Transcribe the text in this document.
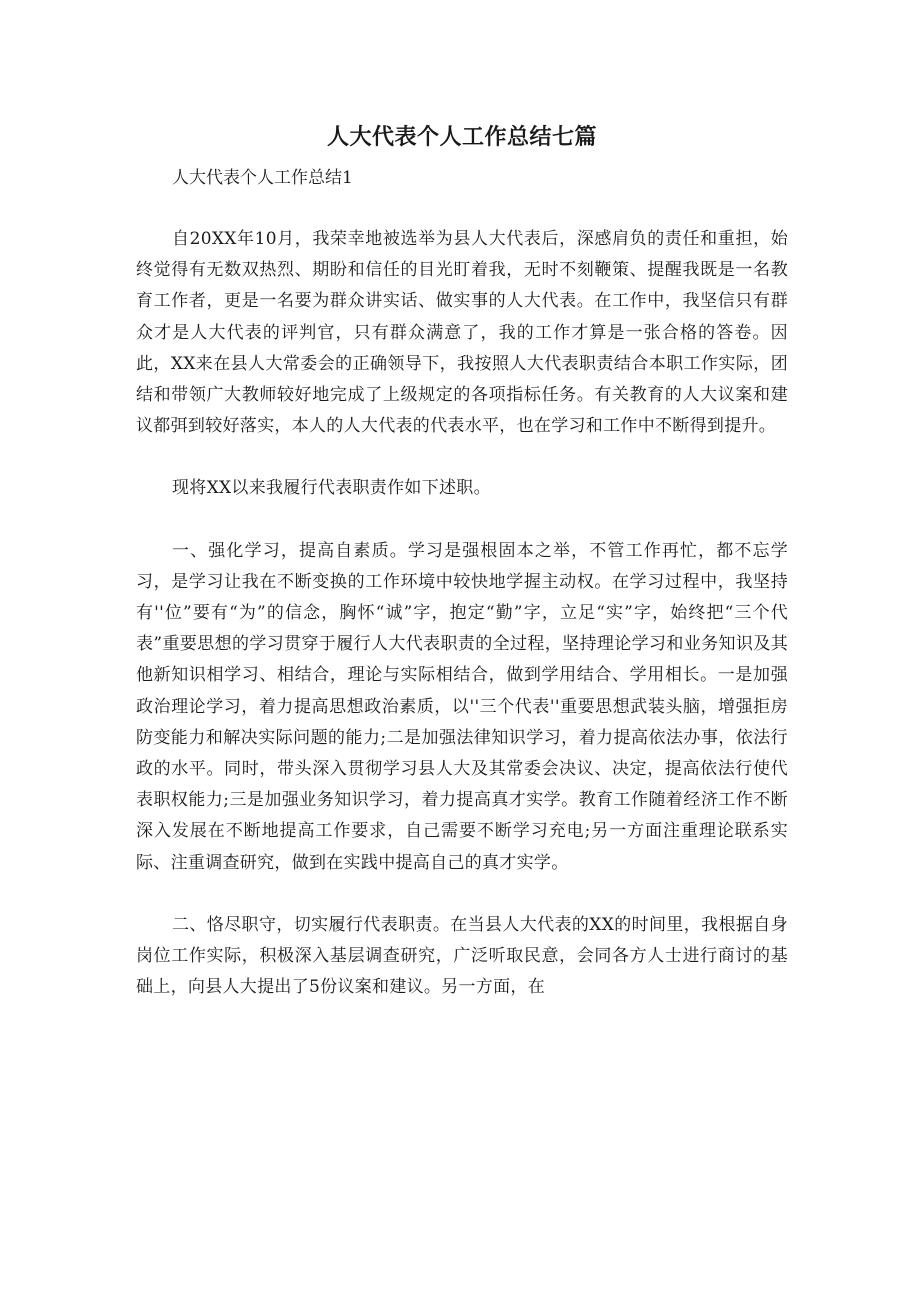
人大代表个人工作总结七篇
人大代表个人工作总结1

自20XX年10月，我荣幸地被选举为县人大代表后，深感肩负的责任和重担，始终觉得有无数双热烈、期盼和信任的目光盯着我，无时不刻鞭策、提醒我既是一名教育工作者，更是一名要为群众讲实话、做实事的人大代表。在工作中，我坚信只有群众才是人大代表的评判官，只有群众满意了，我的工作才算是一张合格的答卷。因此，XX来在县人大常委会的正确领导下，我按照人大代表职责结合本职工作实际，团结和带领广大教师较好地完成了上级规定的各项指标任务。有关教育的人大议案和建议都弭到较好落实，本人的人大代表的代表水平，也在学习和工作中不断得到提升。

现将XX以来我履行代表职责作如下述职。

一、强化学习，提高自素质。学习是强根固本之举，不管工作再忙，都不忘学习，是学习让我在不断变换的工作环境中较快地学握主动权。在学习过程中，我坚持有''位”要有“为”的信念，胸怀“诚”字，抱定“勤”字，立足“实”字，始终把“三个代表”重要思想的学习贯穿于履行人大代表职责的全过程，坚持理论学习和业务知识及其他新知识相学习、相结合，理论与实际相结合，做到学用结合、学用相长。一是加强政治理论学习，着力提高思想政治素质，以''三个代表''重要思想武装头脑，增强拒房防变能力和解决实际问题的能力;二是加强法律知识学习，着力提高依法办事，依法行政的水平。同时，带头深入贯彻学习县人大及其常委会决议、决定，提高依法行使代表职权能力;三是加强业务知识学习，着力提高真才实学。教育工作随着经济工作不断深入发展在不断地提高工作要求，自己需要不断学习充电;另一方面注重理论联系实际、注重调查研究，做到在实践中提高自己的真才实学。

二、恪尽职守，切实履行代表职责。在当县人大代表的XX的时间里，我根据自身岗位工作实际，积极深入基层调查研究，广泛听取民意，会同各方人士进行商讨的基础上，向县人大提出了5份议案和建议。另一方面，在
